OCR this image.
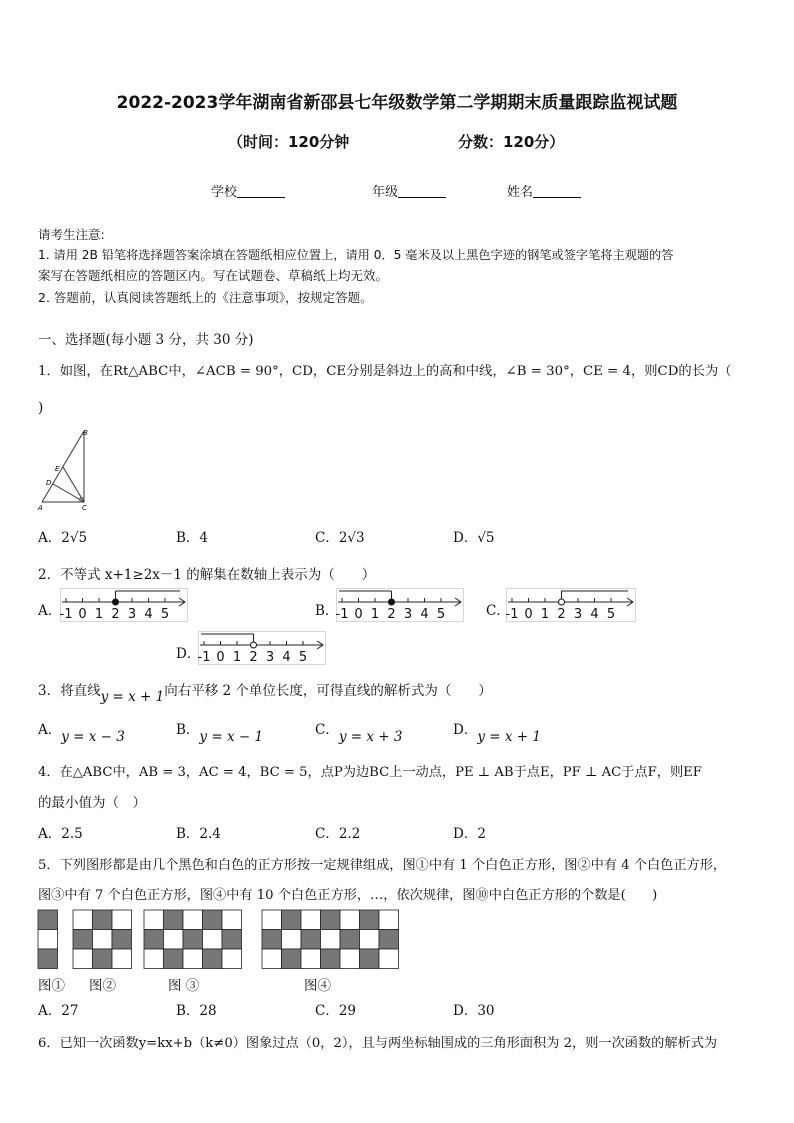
2022-2023学年湖南省新邵县七年级数学第二学期期末质量跟踪监视试题
（时间：120分钟	分数：120分）
学校	年级	姓名
请考生注意:
1. 请用 2B 铅笔将选择题答案涂填在答题纸相应位置上，请用 0．5 毫米及以上黑色字迹的钢笔或签字笔将主观题的答
案写在答题纸相应的答题区内。写在试题卷、草稿纸上均无效。
2. 答题前，认真阅读答题纸上的《注意事项》，按规定答题。
一、选择题(每小题 3 分，共 30 分)
1．如图，在Rt△ABC中，∠ACB = 90°，CD，CE分别是斜边上的高和中线，∠B = 30°，CE = 4，则CD的长为（
)
A	C
B
D
E
A．2√5	B．4	C．2√3	D．√5
2．不等式 x+1≥2x－1 的解集在数轴上表示为（　　）
A．
-1 0 1 2 3 4 5	B．
-1 0 1 2 3 4 5	C．
-1 0 1 2 3 4 5
D．
-1 0 1 2 3 4 5
3．将直线y = x + 1向右平移 2 个单位长度，可得直线的解析式为（　　）
A．y = x − 3	B．y = x − 1	C．y = x + 3	D．y = x + 1
4．在△ABC中，AB = 3，AC = 4，BC = 5，点P为边BC上一动点，PE ⊥ AB于点E，PF ⊥ AC于点F，则EF
的最小值为（　）
A．2.5	B．2.4	C．2.2	D．2
5．下列图形都是由几个黑色和白色的正方形按一定规律组成，图①中有 1 个白色正方形，图②中有 4 个白色正方形，
图③中有 7 个白色正方形，图④中有 10 个白色正方形，…，依次规律，图⑩中白色正方形的个数是(　　)
图① 图②	图 ③	图④
A．27	B．28	C．29	D．30
6．已知一次函数y=kx+b（k≠0）图象过点（0，2），且与两坐标轴围成的三角形面积为 2，则一次函数的解析式为
